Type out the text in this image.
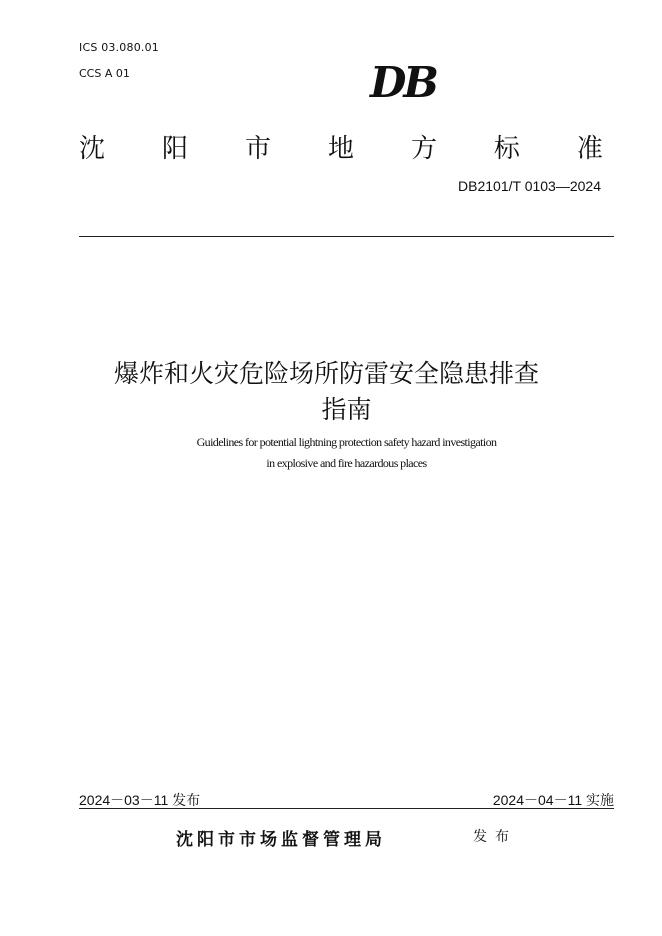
ICS 03.080.01
CCS A 01	DB
沈 阳 市 地 方 标 准
DB2101/T 0103—2024
爆炸和火灾危险场所防雷安全隐患排查
指南
Guidelines for potential lightning protection safety hazard investigation
in explosive and fire hazardous places
2024－03－11 发布	2024－04－11 实施
沈阳市市场监督管理局	发布
